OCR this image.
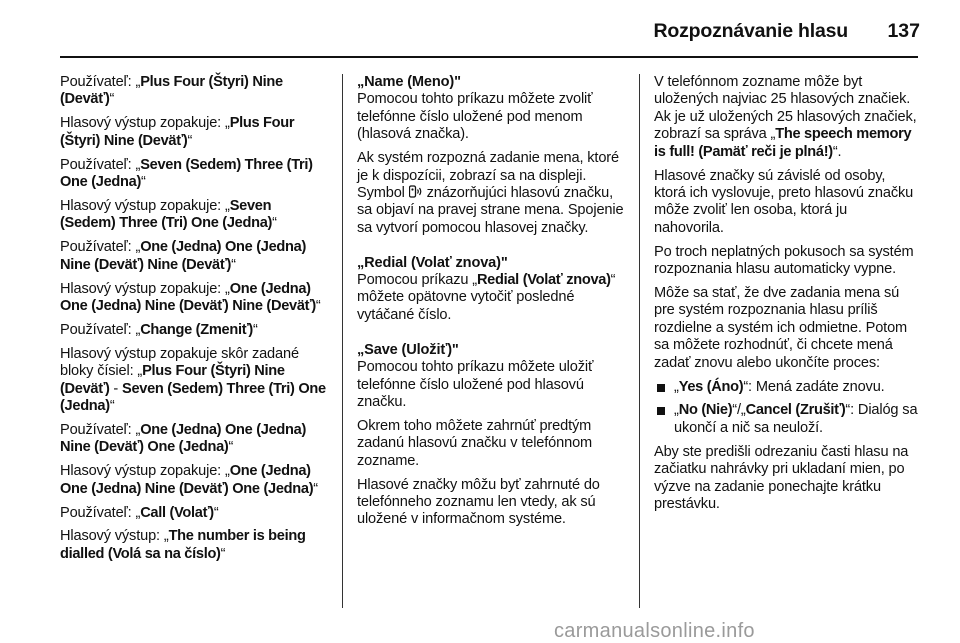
Rozpoznávanie hlasu 137

Používateľ: „Plus Four (Štyri) Nine (Deväť)“

Hlasový výstup zopakuje: „Plus Four (Štyri) Nine (Deväť)“

Používateľ: „Seven (Sedem) Three (Tri) One (Jedna)“

Hlasový výstup zopakuje: „Seven (Sedem) Three (Tri) One (Jedna)“

Používateľ: „One (Jedna) One (Jedna) Nine (Deväť) Nine (Deväť)“

Hlasový výstup zopakuje: „One (Jedna) One (Jedna) Nine (Deväť) Nine (Deväť)“

Používateľ: „Change (Zmeniť)“

Hlasový výstup zopakuje skôr zadané bloky čísiel: „Plus Four (Štyri) Nine (Deväť) - Seven (Sedem) Three (Tri) One (Jedna)“

Používateľ: „One (Jedna) One (Jedna) Nine (Deväť) One (Jedna)“

Hlasový výstup zopakuje: „One (Jedna) One (Jedna) Nine (Deväť) One (Jedna)“

Používateľ: „Call (Volať)“

Hlasový výstup: „The number is being dialled (Volá sa na číslo)“

„Name (Meno)"
Pomocou tohto príkazu môžete zvoliť telefónne číslo uložené pod menom (hlasová značka).

Ak systém rozpozná zadanie mena, ktoré je k dispozícii, zobrazí sa na displeji. Symbol  znázorňujúci hlasovú značku, sa objaví na pravej strane mena. Spojenie sa vytvorí pomocou hlasovej značky.

„Redial (Volať znova)"
Pomocou príkazu „Redial (Volať znova)“ môžete opätovne vytočiť posledné vytáčané číslo.

„Save (Uložiť)"
Pomocou tohto príkazu môžete uložiť telefónne číslo uložené pod hlasovú značku.

Okrem toho môžete zahrnúť predtým zadanú hlasovú značku v telefónnom zozname.

Hlasové značky môžu byť zahrnuté do telefónneho zoznamu len vtedy, ak sú uložené v informačnom systéme.

V telefónnom zozname môže byt uložených najviac 25 hlasových značiek. Ak je už uložených 25 hlasových značiek, zobrazí sa správa „The speech memory is full! (Pamäť reči je plná!)“.

Hlasové značky sú závislé od osoby, ktorá ich vyslovuje, preto hlasovú značku môže zvoliť len osoba, ktorá ju nahovorila.

Po troch neplatných pokusoch sa systém rozpoznania hlasu automaticky vypne.

Môže sa stať, že dve zadania mena sú pre systém rozpoznania hlasu príliš rozdielne a systém ich odmietne. Potom sa môžete rozhodnúť, či chcete mená zadať znovu alebo ukončíte proces:

„Yes (Áno)“: Mená zadáte znovu.
„No (Nie)“/„Cancel (Zrušiť)“: Dialóg sa ukončí a nič sa neuloží.

Aby ste predišli odrezaniu časti hlasu na začiatku nahrávky pri ukladaní mien, po výzve na zadanie ponechajte krátku prestávku.

carmanualsonline.info
